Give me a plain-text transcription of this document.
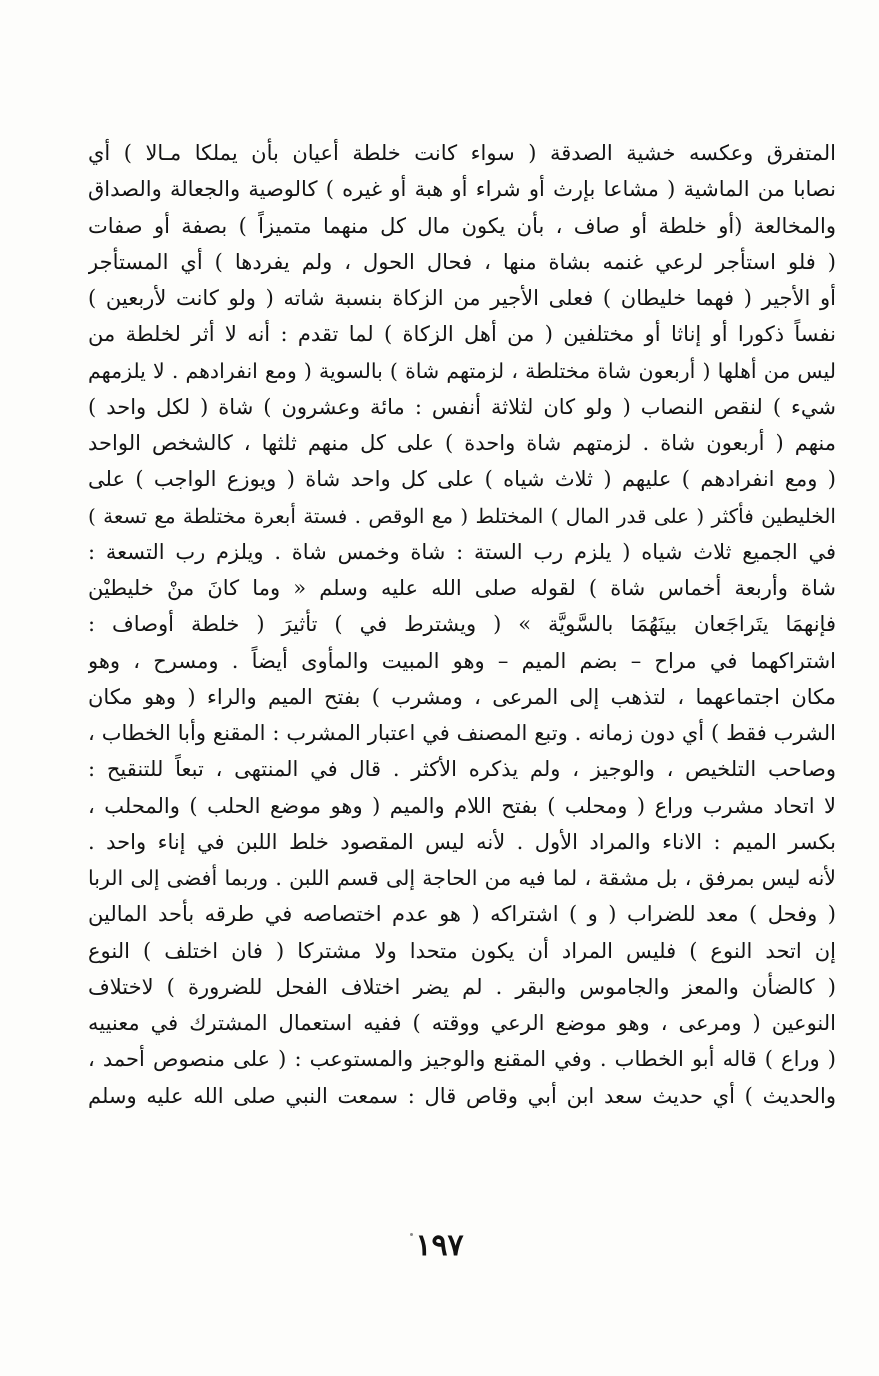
المتفرق وعكسه خشية الصدقة ( سواء كانت خلطة أعيان بأن يملكا مـالا ) أي
نصابا من الماشية ( مشاعا بإرث أو شراء أو هبة أو غيره ) كالوصية والجعالة والصداق
والمخالعة (أو خلطة أو صاف ، بأن يكون مال كل منهما متميزاً ) بصفة أو صفات
( فلو استأجر لرعي غنمه بشاة منها ، فحال الحول ، ولم يفردها ) أي المستأجر
أو الأجير ( فهما خليطان ) فعلى الأجير من الزكاة بنسبة شاته ( ولو كانت لأربعين )
نفساً ذكورا أو إناثا أو مختلفين ( من أهل الزكاة ) لما تقدم : أنه لا أثر لخلطة من
ليس من أهلها ( أربعون شاة مختلطة ، لزمتهم شاة ) بالسوية ( ومع انفرادهم . لا يلزمهم
شيء ) لنقص النصاب ( ولو كان لثلاثة أنفس : مائة وعشرون ) شاة ( لكل واحد )
منهم ( أربعون شاة . لزمتهم شاة واحدة ) على كل منهم ثلثها ، كالشخص الواحد
( ومع انفرادهم ) عليهم ( ثلاث شياه ) على كل واحد شاة ( ويوزع الواجب ) على
الخليطين فأكثر ( على قدر المال ) المختلط ( مع الوقص . فستة أبعرة مختلطة مع تسعة )
في الجميع ثلاث شياه ( يلزم رب الستة : شاة وخمس شاة . ويلزم رب التسعة :
شاة وأربعة أخماس شاة ) لقوله صلى الله عليه وسلم « وما كانَ منْ خليطيْن
فإنهمَا يتَراجَعان بينَهُمَا بالسَّويَّة » ( ويشترط في ) تأثيرَ ( خلطة أوصاف :
اشتراكهما في مراح – بضم الميم – وهو المبيت والمأوى أيضاً . ومسرح ، وهو
مكان اجتماعهما ، لتذهب إلى المرعى ، ومشرب ) بفتح الميم والراء ( وهو مكان
الشرب فقط ) أي دون زمانه . وتبع المصنف في اعتبار المشرب : المقنع وأبا الخطاب ،
وصاحب التلخيص ، والوجيز ، ولم يذكره الأكثر . قال في المنتهى ، تبعاً للتنقيح :
لا اتحاد مشرب وراع ( ومحلب ) بفتح اللام والميم ( وهو موضع الحلب ) والمحلب ،
بكسر الميم : الاناء والمراد الأول . لأنه ليس المقصود خلط اللبن في إناء واحد .
لأنه ليس بمرفق ، بل مشقة ، لما فيه من الحاجة إلى قسم اللبن . وربما أفضى إلى الربا
( وفحل ) معد للضراب ( و ) اشتراكه ( هو عدم اختصاصه في طرقه بأحد المالين
إن اتحد النوع ) فليس المراد أن يكون متحدا ولا مشتركا ( فان اختلف ) النوع
( كالضأن والمعز والجاموس والبقر . لم يضر اختلاف الفحل للضرورة ) لاختلاف
النوعين ( ومرعى ، وهو موضع الرعي ووقته ) ففيه استعمال المشترك في معنييه
( وراع ) قاله أبو الخطاب . وفي المقنع والوجيز والمستوعب : ( على منصوص أحمد ،
والحديث ) أي حديث سعد ابن أبي وقاص قال : سمعت النبي صلى الله عليه وسلم
١٩٧
